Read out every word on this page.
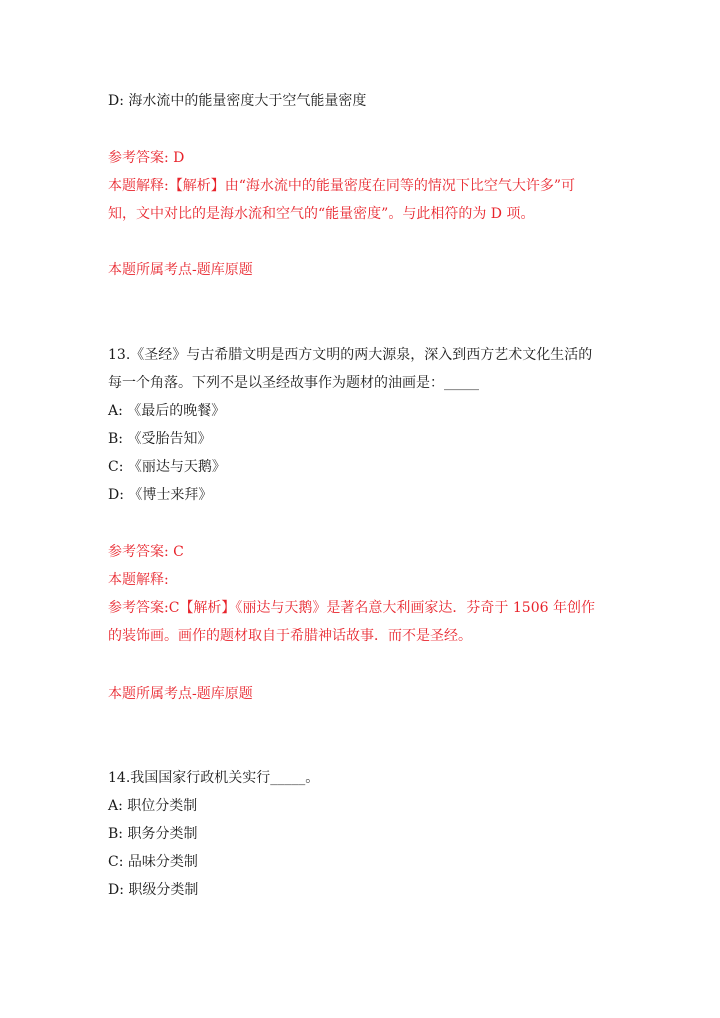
D: 海水流中的能量密度大于空气能量密度
参考答案: D
本题解释:【解析】由“海水流中的能量密度在同等的情况下比空气大许多”可
知，文中对比的是海水流和空气的“能量密度”。与此相符的为 D 项。
本题所属考点-题库原题
13.《圣经》与古希腊文明是西方文明的两大源泉，深入到西方艺术文化生活的
每一个角落。下列不是以圣经故事作为题材的油画是：_____
A: 《最后的晚餐》
B: 《受胎告知》
C: 《丽达与天鹅》
D: 《博士来拜》
参考答案: C
本题解释:
参考答案:C【解析】《丽达与天鹅》是著名意大利画家达．芬奇于 1506 年创作
的装饰画。画作的题材取自于希腊神话故事．而不是圣经。
本题所属考点-题库原题
14.我国国家行政机关实行_____。
A: 职位分类制
B: 职务分类制
C: 品味分类制
D: 职级分类制
